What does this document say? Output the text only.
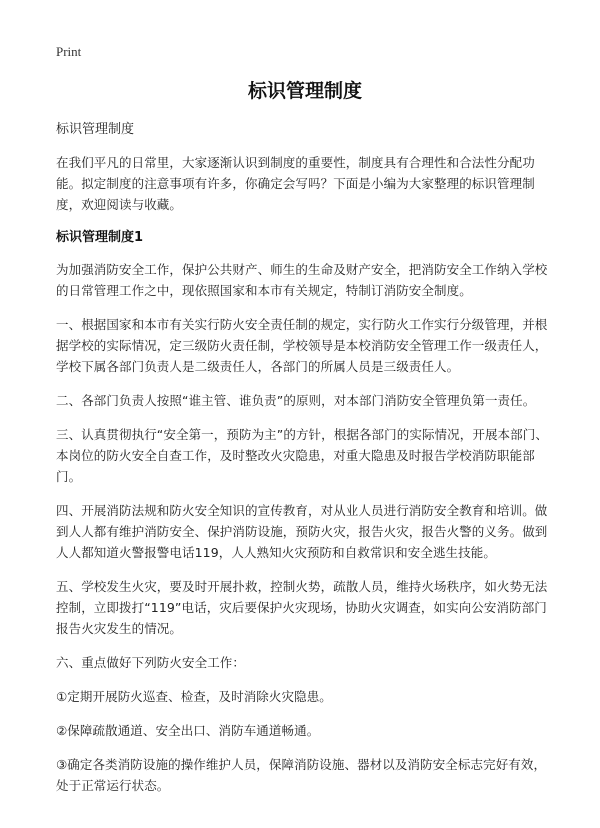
Print
标识管理制度
标识管理制度

在我们平凡的日常里，大家逐渐认识到制度的重要性，制度具有合理性和合法性分配功能。拟定制度的注意事项有许多，你确定会写吗？下面是小编为大家整理的标识管理制度，欢迎阅读与收藏。

标识管理制度1

为加强消防安全工作，保护公共财产、师生的生命及财产安全，把消防安全工作纳入学校的日常管理工作之中，现依照国家和本市有关规定，特制订消防安全制度。

一、根据国家和本市有关实行防火安全责任制的规定，实行防火工作实行分级管理，并根据学校的实际情况，定三级防火责任制，学校领导是本校消防安全管理工作一级责任人，学校下属各部门负责人是二级责任人，各部门的所属人员是三级责任人。

二、各部门负责人按照“谁主管、谁负责”的原则，对本部门消防安全管理负第一责任。

三、认真贯彻执行“安全第一，预防为主”的方针，根据各部门的实际情况，开展本部门、本岗位的防火安全自查工作，及时整改火灾隐患，对重大隐患及时报告学校消防职能部门。

四、开展消防法规和防火安全知识的宣传教育，对从业人员进行消防安全教育和培训。做到人人都有维护消防安全、保护消防设施，预防火灾，报告火灾，报告火警的义务。做到人人都知道火警报警电话119，人人熟知火灾预防和自救常识和安全逃生技能。

五、学校发生火灾，要及时开展扑救，控制火势，疏散人员，维持火场秩序，如火势无法控制，立即拨打“119”电话，灾后要保护火灾现场，协助火灾调查，如实向公安消防部门报告火灾发生的情况。

六、重点做好下列防火安全工作：

①定期开展防火巡查、检查，及时消除火灾隐患。

②保障疏散通道、安全出口、消防车通道畅通。

③确定各类消防设施的操作维护人员，保障消防设施、器材以及消防安全标志完好有效，处于正常运行状态。
